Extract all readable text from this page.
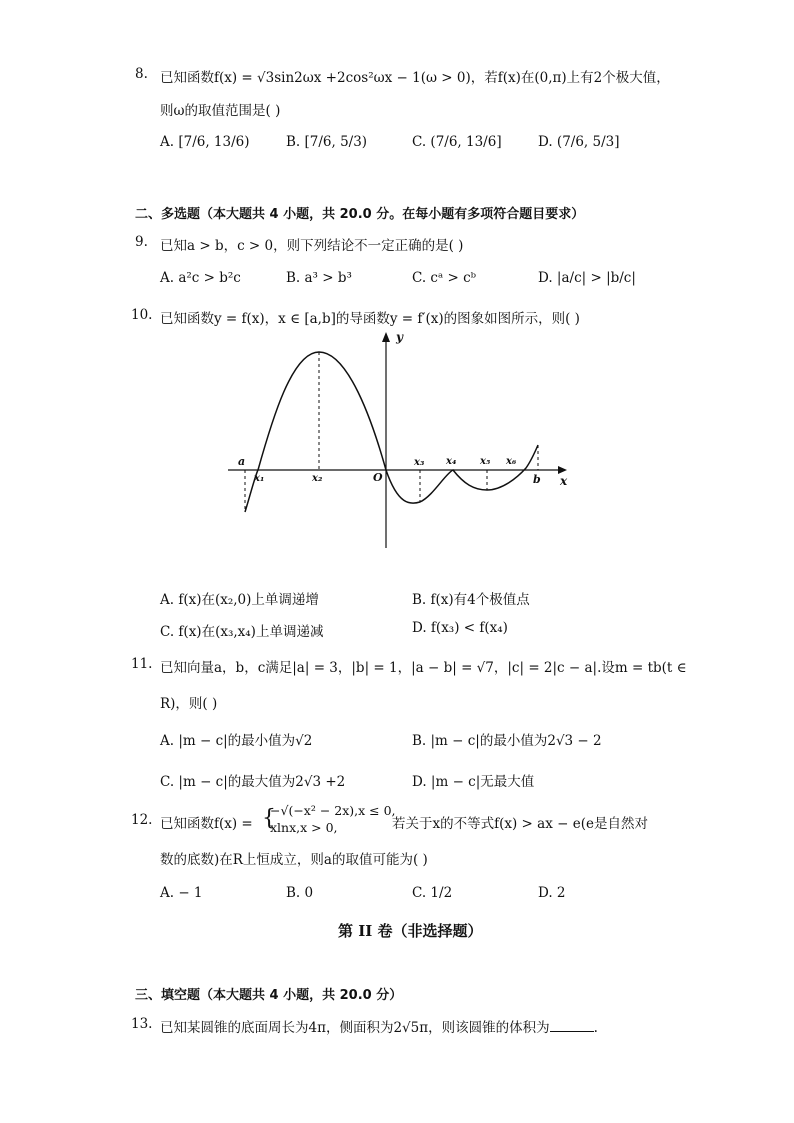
8. 已知函数f(x) = √3sin2ωx +2cos²ωx − 1(ω > 0)，若f(x)在(0,π)上有2个极大值，
则ω的取值范围是( )
A. [7/6, 13/6)	B. [7/6, 5/3)	C. (7/6, 13/6]	D. (7/6, 5/3]
二、多选题（本大题共 4 小题，共 20.0 分。在每小题有多项符合题目要求）
9. 已知a > b，c > 0，则下列结论不一定正确的是( )
A. a²c > b²c	B. a³ > b³	C. cᵃ > cᵇ	D. |a/c| > |b/c|
10. 已知函数y = f(x)，x ∈ [a,b]的导函数y = f′(x)的图象如图所示，则( )
y
x
O
a
x₁	x₂
x₃ x₄ x₅ x₆
b
A. f(x)在(x₂,0)上单调递增	B. f(x)有4个极值点
C. f(x)在(x₃,x₄)上单调递减	D. f(x₃) < f(x₄)
11. 已知向量a，b，c满足|a| = 3，|b| = 1，|a − b| = √7，|c| = 2|c − a|.设m = tb(t ∈
R)，则( )
A. |m − c|的最小值为√2	B. |m − c|的最小值为2√3 − 2
C. |m − c|的最大值为2√3 +2	D. |m − c|无最大值
12. 已知函数f(x) = {
−√(−x² − 2x),x ≤ 0,
xlnx,x > 0,	若关于x的不等式f(x) > ax − e(e是自然对
数的底数)在R上恒成立，则a的取值可能为( )
A. − 1	B. 0	C. 1/2	D. 2
第 II 卷（非选择题）
三、填空题（本大题共 4 小题，共 20.0 分）
13. 已知某圆锥的底面周长为4π，侧面积为2√5π，则该圆锥的体积为	.
